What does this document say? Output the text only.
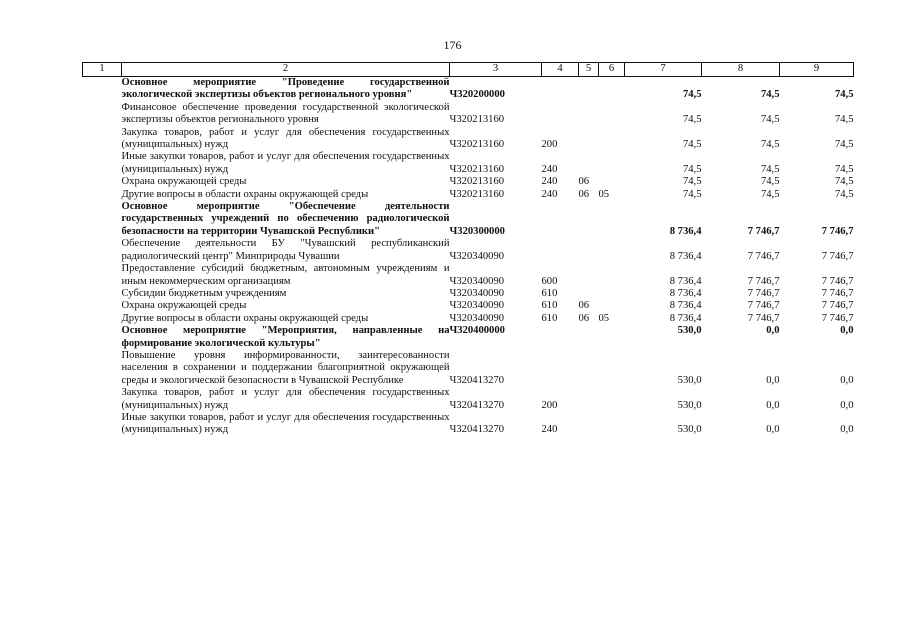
176
1	2	3	4	5	6	7	8	9
	Основное мероприятие "Проведение государственной экологической экспертизы объектов регионального уровня"	Ч320200000				74,5	74,5	74,5
	Финансовое обеспечение проведения государственной экологической экспертизы объектов регионального уровня	Ч320213160				74,5	74,5	74,5
	Закупка товаров, работ и услуг для обеспечения государственных (муниципальных) нужд	Ч320213160	200			74,5	74,5	74,5
	Иные закупки товаров, работ и услуг для обеспечения государственных (муниципальных) нужд	Ч320213160	240			74,5	74,5	74,5
	Охрана окружающей среды	Ч320213160	240	06		74,5	74,5	74,5
	Другие вопросы в области охраны окружающей среды	Ч320213160	240	06	05	74,5	74,5	74,5
	Основное мероприятие "Обеспечение деятельности государственных учреждений по обеспечению радиологической безопасности на территории Чувашской Республики"	Ч320300000				8 736,4	7 746,7	7 746,7
	Обеспечение деятельности БУ "Чувашский республиканский радиологический центр" Минприроды Чувашии	Ч320340090				8 736,4	7 746,7	7 746,7
	Предоставление субсидий бюджетным, автономным учреждениям и иным некоммерческим организациям	Ч320340090	600			8 736,4	7 746,7	7 746,7
	Субсидии бюджетным учреждениям	Ч320340090	610			8 736,4	7 746,7	7 746,7
	Охрана окружающей среды	Ч320340090	610	06		8 736,4	7 746,7	7 746,7
	Другие вопросы в области охраны окружающей среды	Ч320340090	610	06	05	8 736,4	7 746,7	7 746,7
	Основное мероприятие "Мероприятия, направленные на формирование экологической культуры"	Ч320400000				530,0	0,0	0,0
	Повышение уровня информированности, заинтересованности населения в сохранении и поддержании благоприятной окружающей среды и экологической безопасности в Чувашской Республике	Ч320413270				530,0	0,0	0,0
	Закупка товаров, работ и услуг для обеспечения государственных (муниципальных) нужд	Ч320413270	200			530,0	0,0	0,0
	Иные закупки товаров, работ и услуг для обеспечения государственных (муниципальных) нужд	Ч320413270	240			530,0	0,0	0,0
